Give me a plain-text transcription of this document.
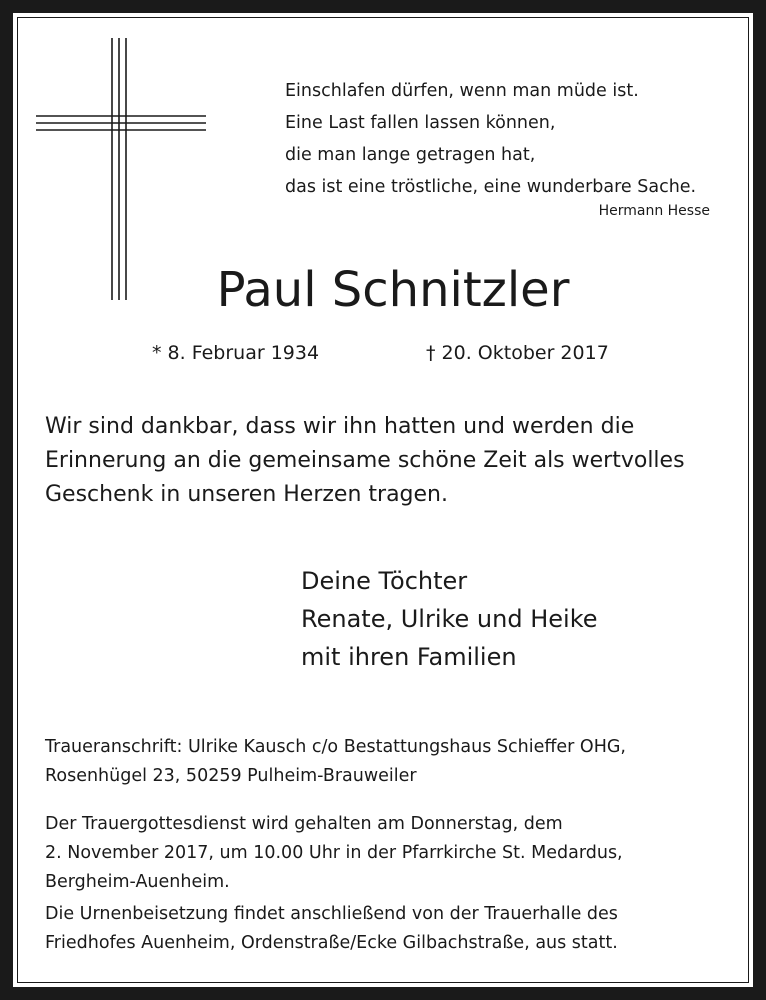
Einschlafen dürfen, wenn man müde ist.
Eine Last fallen lassen können,
die man lange getragen hat,
das ist eine tröstliche, eine wunderbare Sache.
Hermann Hesse
Paul Schnitzler
* 8. Februar 1934	† 20. Oktober 2017
Wir sind dankbar, dass wir ihn hatten und werden die
Erinnerung an die gemeinsame schöne Zeit als wertvolles
Geschenk in unseren Herzen tragen.
Deine Töchter
Renate, Ulrike und Heike
mit ihren Familien
Traueranschrift: Ulrike Kausch c/o Bestattungshaus Schieffer OHG,
Rosenhügel 23, 50259 Pulheim-Brauweiler
Der Trauergottesdienst wird gehalten am Donnerstag, dem
2. November 2017, um 10.00 Uhr in der Pfarrkirche St. Medardus,
Bergheim-Auenheim.
Die Urnenbeisetzung findet anschließend von der Trauerhalle des
Friedhofes Auenheim, Ordenstraße/Ecke Gilbachstraße, aus statt.
